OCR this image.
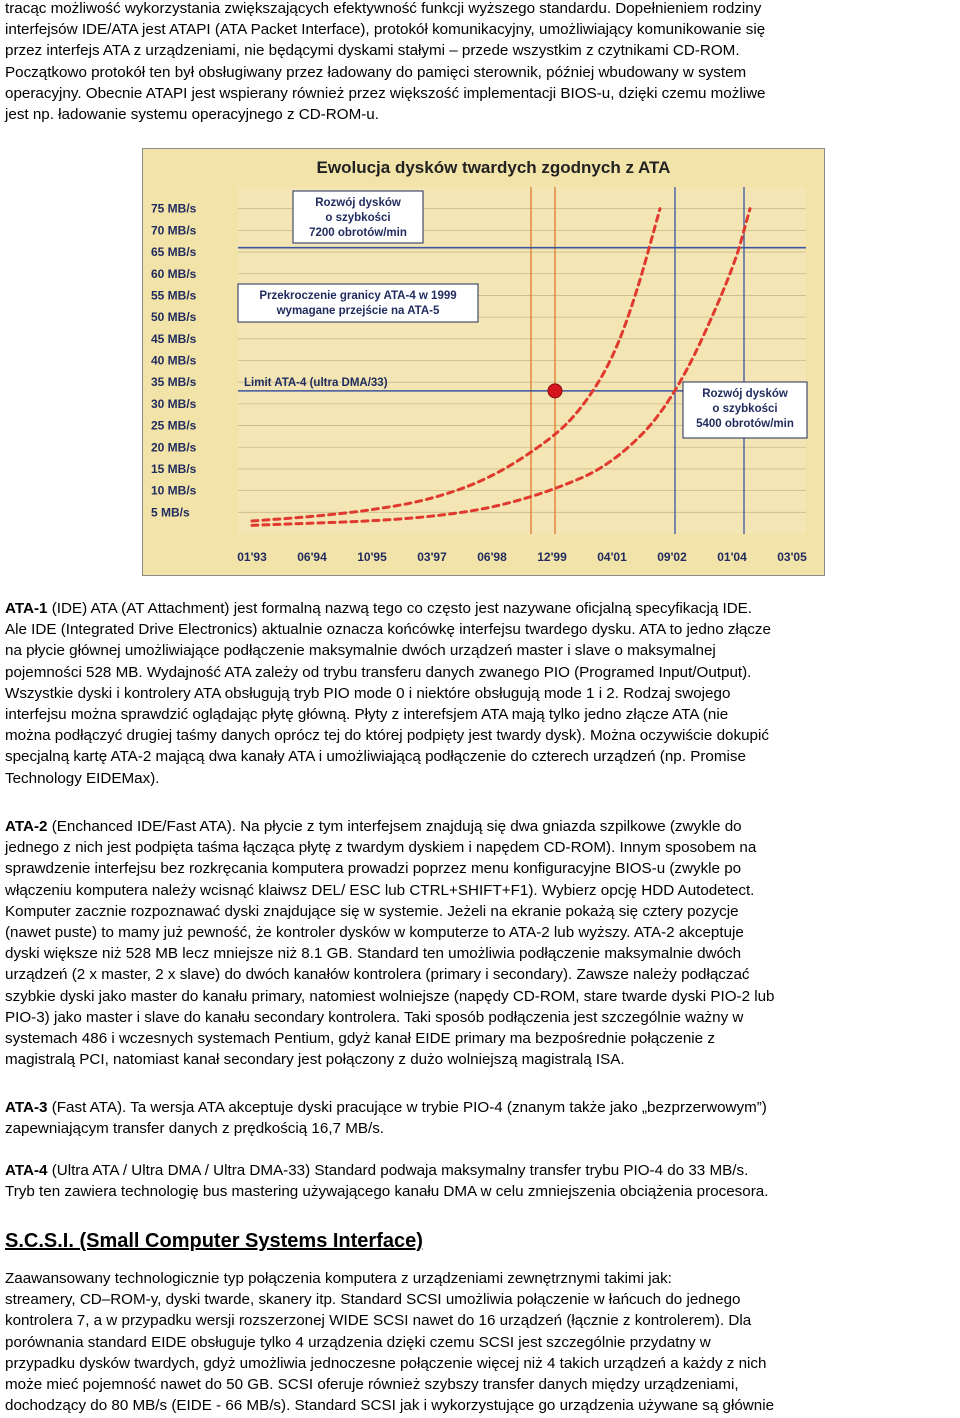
tracąc możliwość wykorzystania zwiększających efektywność funkcji wyższego standardu. Dopełnieniem rodziny
interfejsów IDE/ATA jest ATAPI (ATA Packet Interface), protokół komunikacyjny, umożliwiający komunikowanie się
przez interfejs ATA z urządzeniami, nie będącymi dyskami stałymi – przede wszystkim z czytnikami CD-ROM.
Początkowo protokół ten był obsługiwany przez ładowany do pamięci sterownik, później wbudowany w system
operacyjny. Obecnie ATAPI jest wspierany również przez większość implementacji BIOS-u, dzięki czemu możliwe
jest np. ładowanie systemu operacyjnego z CD-ROM-u.

Ewolucja dysków twardych zgodnych z ATA
75 MB/s
70 MB/s
65 MB/s
60 MB/s
55 MB/s
50 MB/s
45 MB/s
40 MB/s
35 MB/s
30 MB/s
25 MB/s
20 MB/s
15 MB/s
10 MB/s
5 MB/s
01'93	06'94	10'95	03'97	06'98	12'99	04'01	09'02	01'04	03'05
Limit ATA-4 (ultra DMA/33)
Rozwój dysków
o szybkości
7200 obrotów/min
Przekroczenie granicy ATA-4 w 1999
wymagane przejście na ATA-5
Rozwój dysków
o szybkości
5400 obrotów/min

ATA-1 (IDE) ATA (AT Attachment) jest formalną nazwą tego co często jest nazywane oficjalną specyfikacją IDE.
Ale IDE (Integrated Drive Electronics) aktualnie oznacza końcówkę interfejsu twardego dysku. ATA to jedno złącze
na płycie głównej umożliwiające podłączenie maksymalnie dwóch urządzeń master i slave o maksymalnej
pojemności 528 MB. Wydajność ATA zależy od trybu transferu danych zwanego PIO (Programed Input/Output).
Wszystkie dyski i kontrolery ATA obsługują tryb PIO mode 0 i niektóre obsługują mode 1 i 2. Rodzaj swojego
interfejsu można sprawdzić oglądając płytę główną. Płyty z interefsjem ATA mają tylko jedno złącze ATA (nie
można podłączyć drugiej taśmy danych oprócz tej do której podpięty jest twardy dysk). Można oczywiście dokupić
specjalną kartę ATA-2 mającą dwa kanały ATA i umożliwiającą podłączenie do czterech urządzeń (np. Promise
Technology EIDEMax).

ATA-2 (Enchanced IDE/Fast ATA). Na płycie z tym interfejsem znajdują się dwa gniazda szpilkowe (zwykle do
jednego z nich jest podpięta taśma łącząca płytę z twardym dyskiem i napędem CD-ROM). Innym sposobem na
sprawdzenie interfejsu bez rozkręcania komputera prowadzi poprzez menu konfiguracyjne BIOS-u (zwykle po
włączeniu komputera należy wcisnąć klaiwsz DEL/ ESC lub CTRL+SHIFT+F1). Wybierz opcję HDD Autodetect.
Komputer zacznie rozpoznawać dyski znajdujące się w systemie. Jeżeli na ekranie pokażą się cztery pozycje
(nawet puste) to mamy już pewność, że kontroler dysków w komputerze to ATA-2 lub wyższy. ATA-2 akceptuje
dyski większe niż 528 MB lecz mniejsze niż 8.1 GB. Standard ten umożliwia podłączenie maksymalnie dwóch
urządzeń (2 x master, 2 x slave) do dwóch kanałów kontrolera (primary i secondary). Zawsze należy podłączać
szybkie dyski jako master do kanału primary, natomiest wolniejsze (napędy CD-ROM, stare twarde dyski PIO-2 lub
PIO-3) jako master i slave do kanału secondary kontrolera. Taki sposób podłączenia jest szczególnie ważny w
systemach 486 i wczesnych systemach Pentium, gdyż kanał EIDE primary ma bezpośrednie połączenie z
magistralą PCI, natomiast kanał secondary jest połączony z dużo wolniejszą magistralą ISA.

ATA-3 (Fast ATA). Ta wersja ATA akceptuje dyski pracujące w trybie PIO-4 (znanym także jako „bezprzerwowym”)
zapewniającym transfer danych z prędkością 16,7 MB/s.

ATA-4 (Ultra ATA / Ultra DMA / Ultra DMA-33) Standard podwaja maksymalny transfer trybu PIO-4 do 33 MB/s.
Tryb ten zawiera technologię bus mastering używającego kanału DMA w celu zmniejszenia obciążenia procesora.

S.C.S.I. (Small Computer Systems Interface)

Zaawansowany technologicznie typ połączenia komputera z urządzeniami zewnętrznymi takimi jak:
streamery, CD–ROM-y, dyski twarde, skanery itp. Standard SCSI umożliwia połączenie w łańcuch do jednego
kontrolera 7, a w przypadku wersji rozszerzonej WIDE SCSI nawet do 16 urządzeń (łącznie z kontrolerem). Dla
porównania standard EIDE obsługuje tylko 4 urządzenia dzięki czemu SCSI jest szczególnie przydatny w
przypadku dysków twardych, gdyż umożliwia jednoczesne połączenie więcej niż 4 takich urządzeń a każdy z nich
może mieć pojemność nawet do 50 GB. SCSI oferuje również szybszy transfer danych między urządzeniami,
dochodzący do 80 MB/s (EIDE - 66 MB/s). Standard SCSI jak i wykorzystujące go urządzenia używane są głównie
